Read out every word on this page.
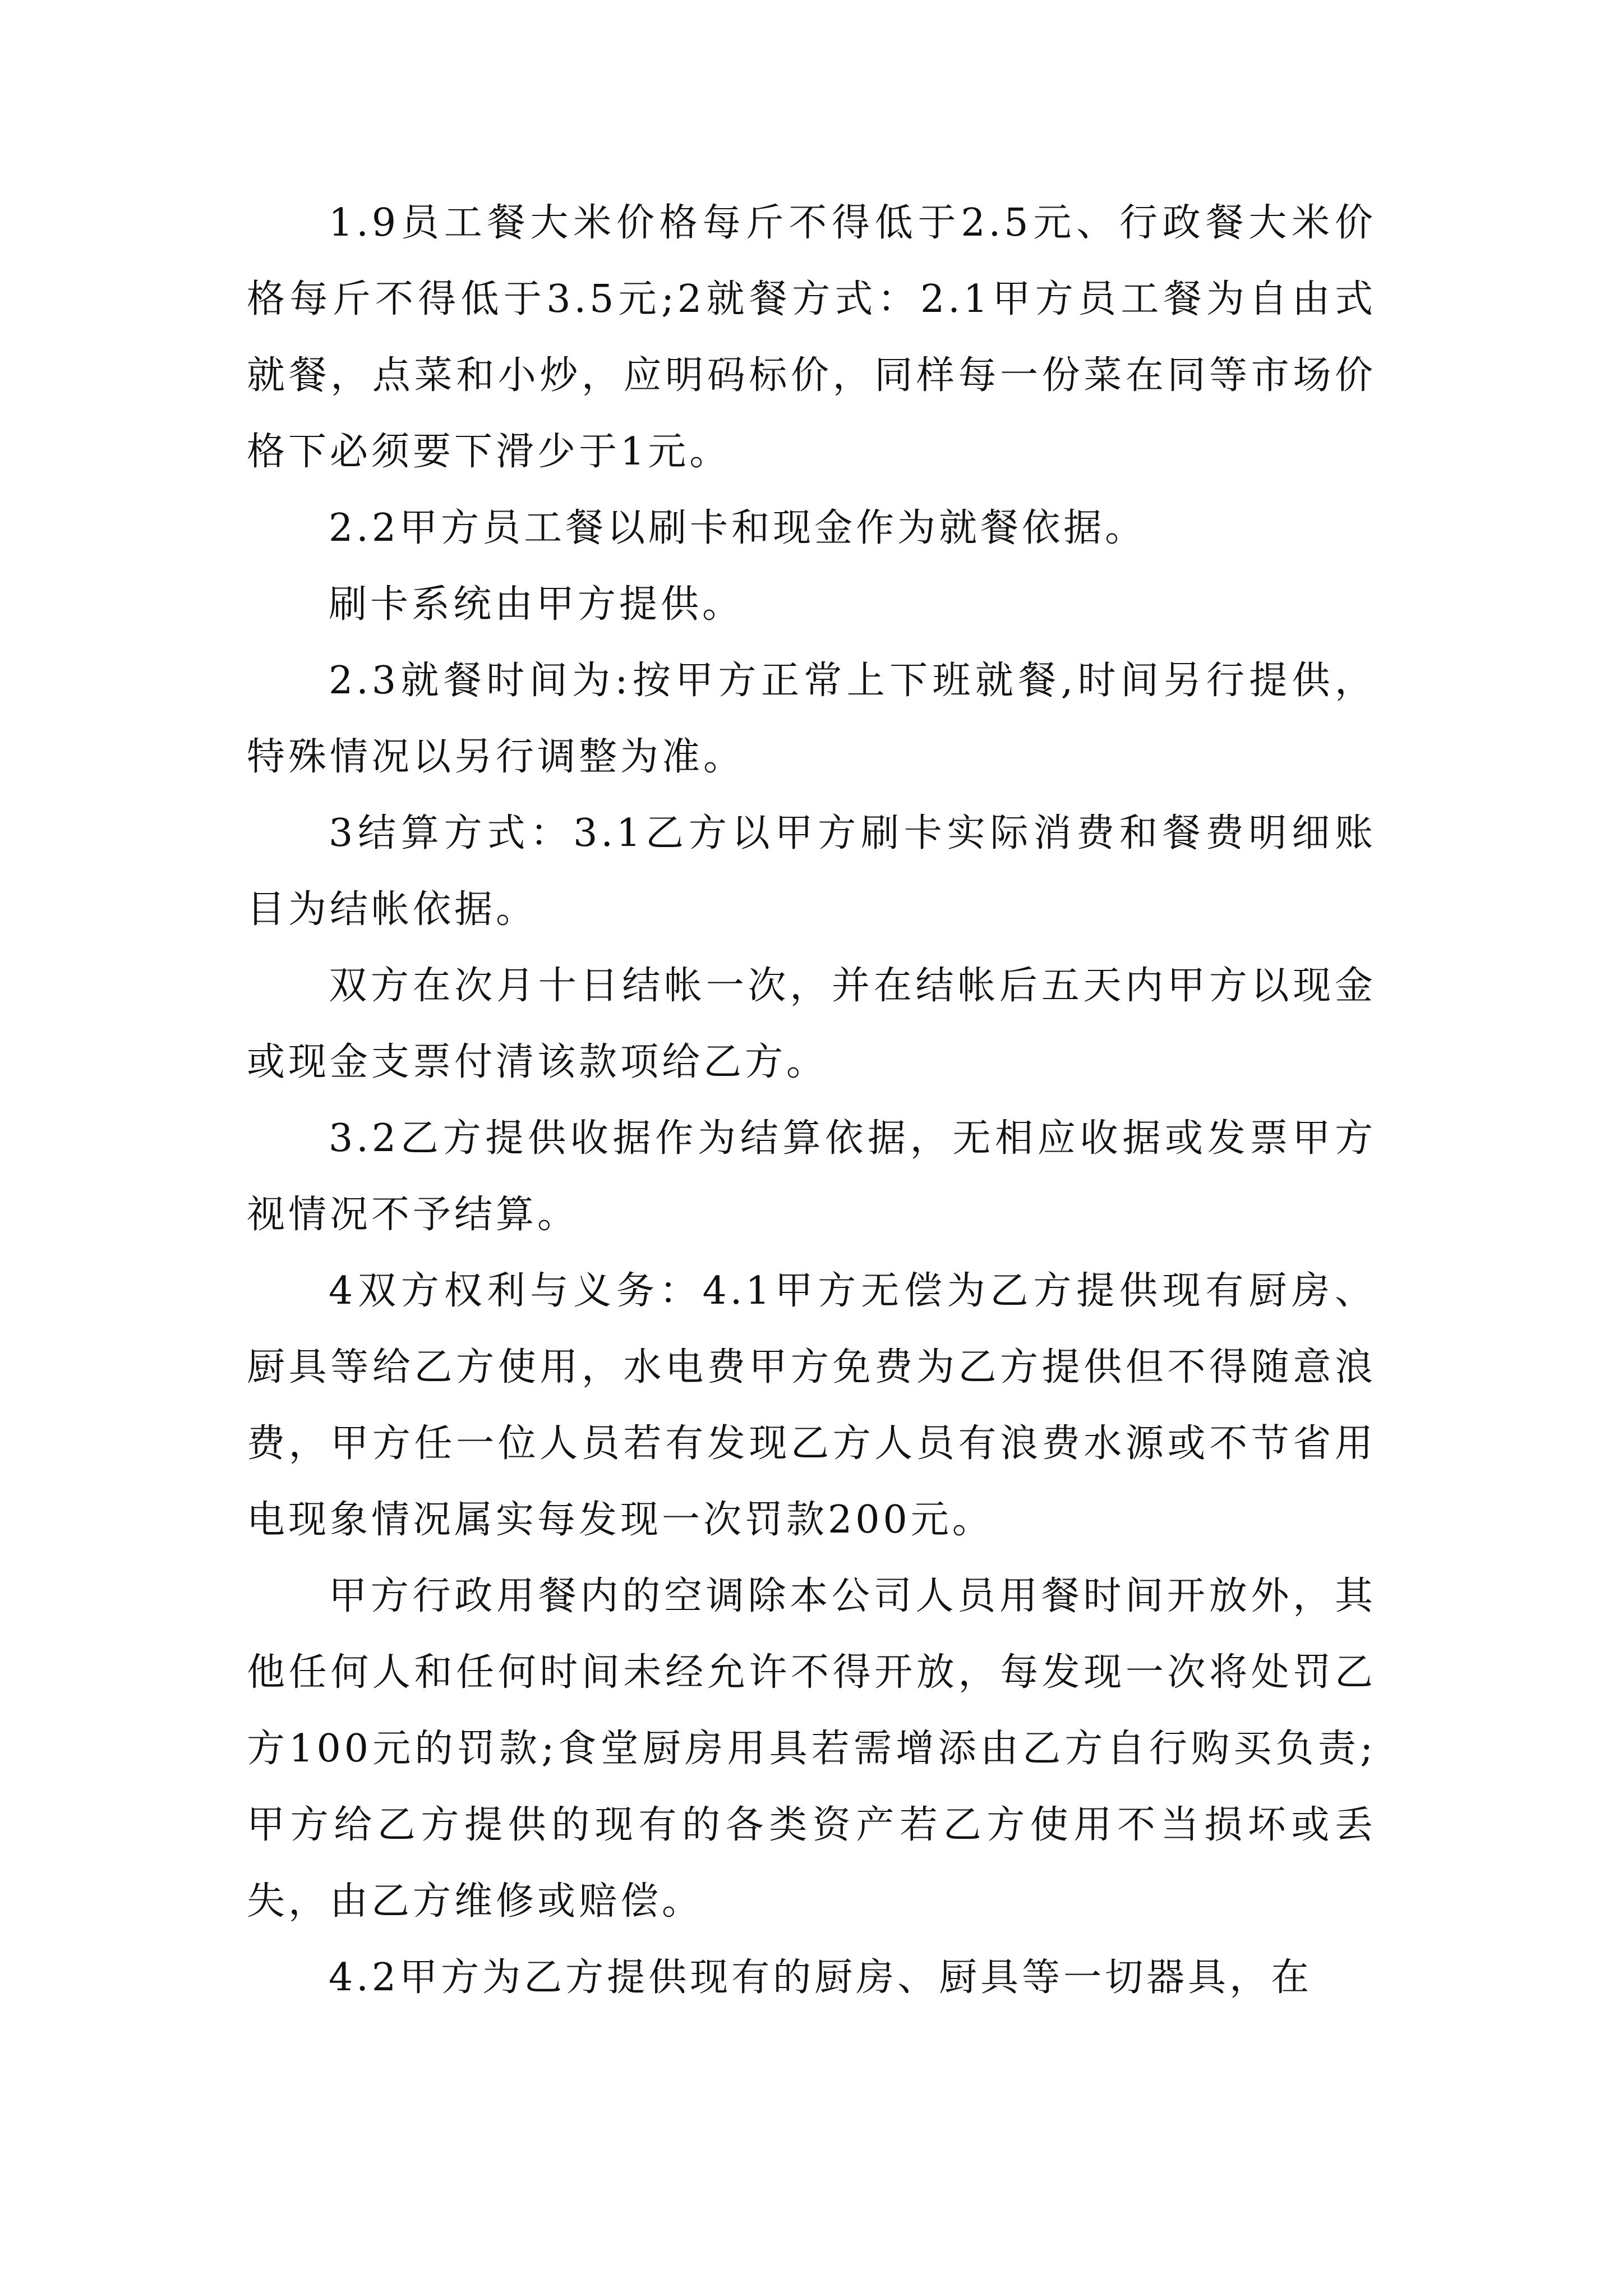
1.9员工餐大米价格每斤不得低于2.5元、行政餐大米价格每斤不得低于3.5元;2就餐方式：2.1甲方员工餐为自由式就餐，点菜和小炒，应明码标价，同样每一份菜在同等市场价格下必须要下滑少于1元。

2.2甲方员工餐以刷卡和现金作为就餐依据。

刷卡系统由甲方提供。

2.3就餐时间为:按甲方正常上下班就餐,时间另行提供，特殊情况以另行调整为准。

3结算方式：3.1乙方以甲方刷卡实际消费和餐费明细账目为结帐依据。

双方在次月十日结帐一次，并在结帐后五天内甲方以现金或现金支票付清该款项给乙方。

3.2乙方提供收据作为结算依据，无相应收据或发票甲方视情况不予结算。

4双方权利与义务：4.1甲方无偿为乙方提供现有厨房、厨具等给乙方使用，水电费甲方免费为乙方提供但不得随意浪费，甲方任一位人员若有发现乙方人员有浪费水源或不节省用电现象情况属实每发现一次罚款200元。

甲方行政用餐内的空调除本公司人员用餐时间开放外，其他任何人和任何时间未经允许不得开放，每发现一次将处罚乙方100元的罚款;食堂厨房用具若需增添由乙方自行购买负责;甲方给乙方提供的现有的各类资产若乙方使用不当损坏或丢失，由乙方维修或赔偿。

4.2甲方为乙方提供现有的厨房、厨具等一切器具，在
